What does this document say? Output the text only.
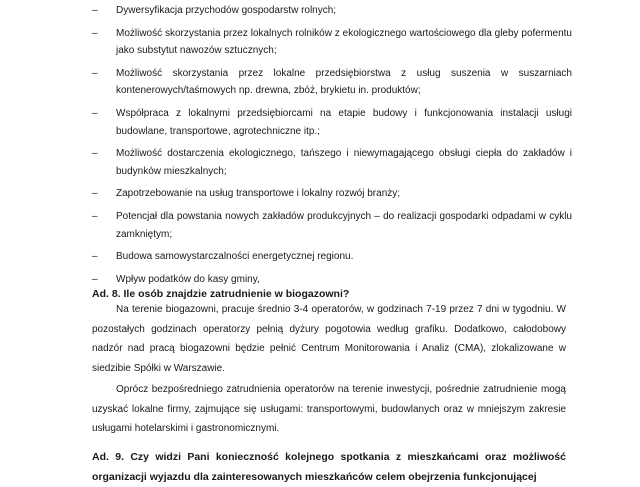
– Dywersyfikacja przychodów gospodarstw rolnych;
– Możliwość skorzystania przez lokalnych rolników z ekologicznego wartościowego dla gleby pofermentu jako substytut nawozów sztucznych;
– Możliwość skorzystania przez lokalne przedsiębiorstwa z usług suszenia w suszarniach kontenerowych/taśmowych np. drewna, zbóż, brykietu in. produktów;
– Współpraca z lokalnymi przedsiębiorcami na etapie budowy i funkcjonowania instalacji usługi budowlane, transportowe, agrotechniczne itp.;
– Możliwość dostarczenia ekologicznego, tańszego i niewymagającego obsługi ciepła do zakładów i budynków mieszkalnych;
– Zapotrzebowanie na usług transportowe i lokalny rozwój branży;
– Potencjał dla powstania nowych zakładów produkcyjnych – do realizacji gospodarki odpadami w cyklu zamkniętym;
– Budowa samowystarczalności energetycznej regionu.
– Wpływ podatków do kasy gminy,
Ad. 8. Ile osób znajdzie zatrudnienie w biogazowni?

Na terenie biogazowni, pracuje średnio 3-4 operatorów, w godzinach 7-19 przez 7 dni w tygodniu. W pozostałych godzinach operatorzy pełnią dyżury pogotowia według grafiku. Dodatkowo, całodobowy nadzór nad pracą biogazowni będzie pełnić Centrum Monitorowania i Analiz (CMA), zlokalizowane w siedzibie Spółki w Warszawie.

Oprócz bezpośredniego zatrudnienia operatorów na terenie inwestycji, pośrednie zatrudnienie mogą uzyskać lokalne firmy, zajmujące się usługami: transportowymi, budowlanych oraz w mniejszym zakresie usługami hotelarskimi i gastronomicznymi.

Ad. 9. Czy widzi Pani konieczność kolejnego spotkania z mieszkańcami oraz możliwość organizacji wyjazdu dla zainteresowanych mieszkańców celem obejrzenia funkcjonującej
